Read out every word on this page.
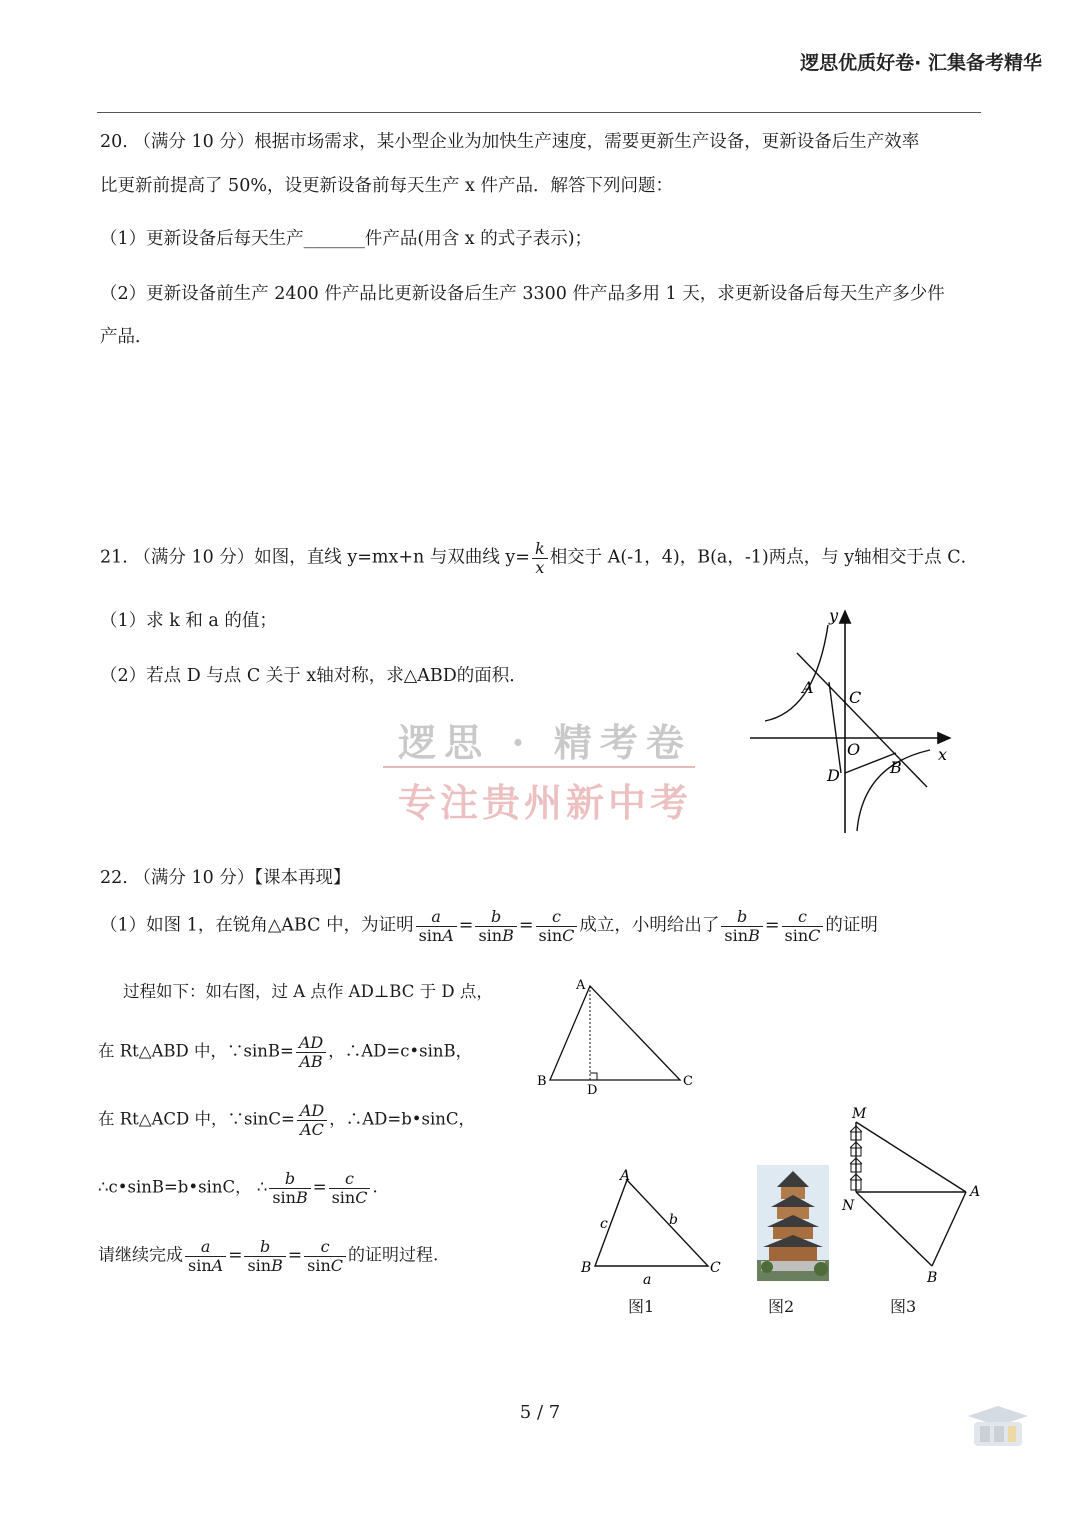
逻思优质好卷· 汇集备考精华
20. （满分 10 分）根据市场需求，某小型企业为加快生产速度，需要更新生产设备，更新设备后生产效率
比更新前提高了 50%，设更新设备前每天生产 x 件产品．解答下列问题：
（1）更新设备后每天生产_______件产品(用含 x 的式子表示)；
（2）更新设备前生产 2400 件产品比更新设备后生产 3300 件产品多用 1 天，求更新设备后每天生产多少件
产品．
21. （满分 10 分）如图，直线 y=mx+n 与双曲线 $y= \frac{k}{x}$ 相交于 A(-1，4)，B(a，-1)两点，与 y轴相交于点 C．
（1）求 k 和 a 的值；
（2）若点 D 与点 C 关于 x轴对称，求△ABD的面积．
y
x
A
C
O
D	B
逻思 · 精考卷
专注贵州新中考
22. （满分 10 分）【课本再现】
（1）如图 1，在锐角△ABC 中，为证明 $\frac{a}{\sin A} = \frac{b}{\sin B} = \frac{c}{\sin C}$ 成立，小明给出了 $\frac{b}{\sin B} = \frac{c}{\sin C}$ 的证明
过程如下：如右图，过 A 点作 AD⊥BC 于 D 点，
在 Rt△ABD 中，∵sinB= $\frac{AD}{AB}$ ，∴AD=c•sinB，
在 Rt△ACD 中，∵sinC= $\frac{AD}{AC}$ ，∴AD=b•sinC，
∴c•sinB=b•sinC， ∴ $\frac{b}{\sin B} = \frac{c}{\sin C}$ .
请继续完成 $\frac{a}{\sin A} = \frac{b}{\sin B} = \frac{c}{\sin C}$ 的证明过程.
A
B	C
D
A
B	C
a
b
c
图1	图2
M
N
A
B
图3
5 / 7
